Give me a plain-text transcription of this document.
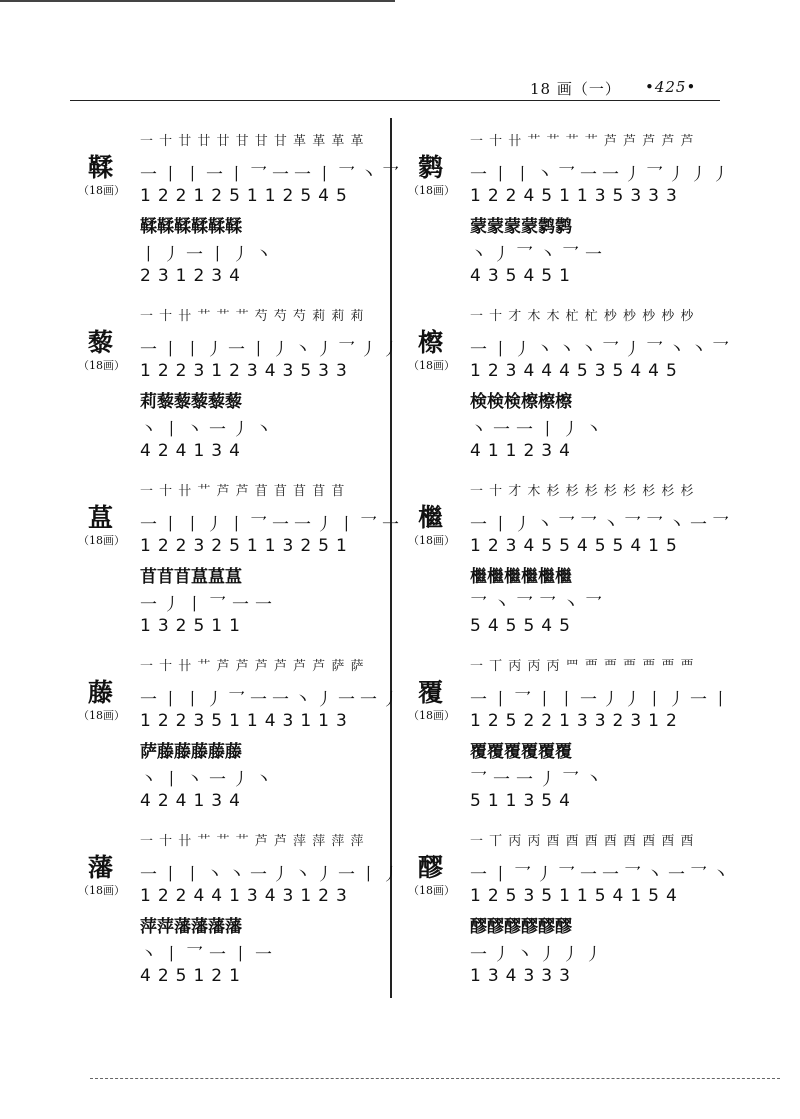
18 画（一） •425•
鞣
（18画）
一 十 廿 廿 廿 甘 甘 甘 革 革 革 革
一丨丨一丨乛一一丨乛丶乛
122125112545
鞣鞣鞣鞣鞣鞣
丨丿一丨丿丶
231234
藜
（18画）
一 十 卄 艹 艹 艹 芍 芍 芍 莉 莉 莉
一丨丨丿一丨丿丶丿乛丿丿
122312343533
莉藜藜藜藜藜
丶丨丶一丿丶
424134
蒀
（18画）
一 十 卄 艹 芦 芦 苜 苜 苜 苜 苜
一丨丨丿丨乛一一丿丨乛一
122325113251
苜苜苜蒀蒀蒀
一丿丨乛一一
132511
藤
（18画）
一 十 卄 艹 芦 芦 芦 芦 芦 芦 萨 萨
一丨丨丿乛一一丶丿一一丿
122351143113
萨藤藤藤藤藤
丶丨丶一丿丶
424134
藩
（18画）
一 十 卄 艹 艹 艹 芦 芦 萍 萍 萍 萍
一丨丨丶丶一丿丶丿一丨丿
122441343123
萍萍藩藩藩藩
丶丨乛一丨一
425121
鹲
（18画）
一 十 卄 艹 艹 艹 艹 芦 芦 芦 芦 芦
一丨丨丶乛一一丿乛丿丿丿
122451135333
蒙蒙蒙蒙鹲鹲
丶丿乛丶乛一
435451
檫
（18画）
一 十 才 木 木 杧 杧 杪 杪 杪 杪 杪
一丨丿丶丶丶乛丿乛丶丶乛
123444535445
検検検檫檫檫
丶一一丨丿丶
411234
檵
（18画）
一 十 才 木 杉 杉 杉 杉 杉 杉 杉 杉
一丨丿丶乛乛丶乛乛丶一乛
123455455415
檵檵檵檵檵檵
乛丶乛乛丶乛
545545
覆
（18画）
一 丅 丙 丙 丙 罒 覀 覀 覀 覀 覀 覀
一丨乛丨丨一丿丿丨丿一丨
125221332312
覆覆覆覆覆覆
乛一一丿乛丶
511354
醪
（18画）
一 丅 丙 丙 酉 酉 酉 酉 酉 酉 酉 酉
一丨乛丿乛一一乛丶一乛丶
125351154154
醪醪醪醪醪醪
一丿丶丿丿丿
134333
